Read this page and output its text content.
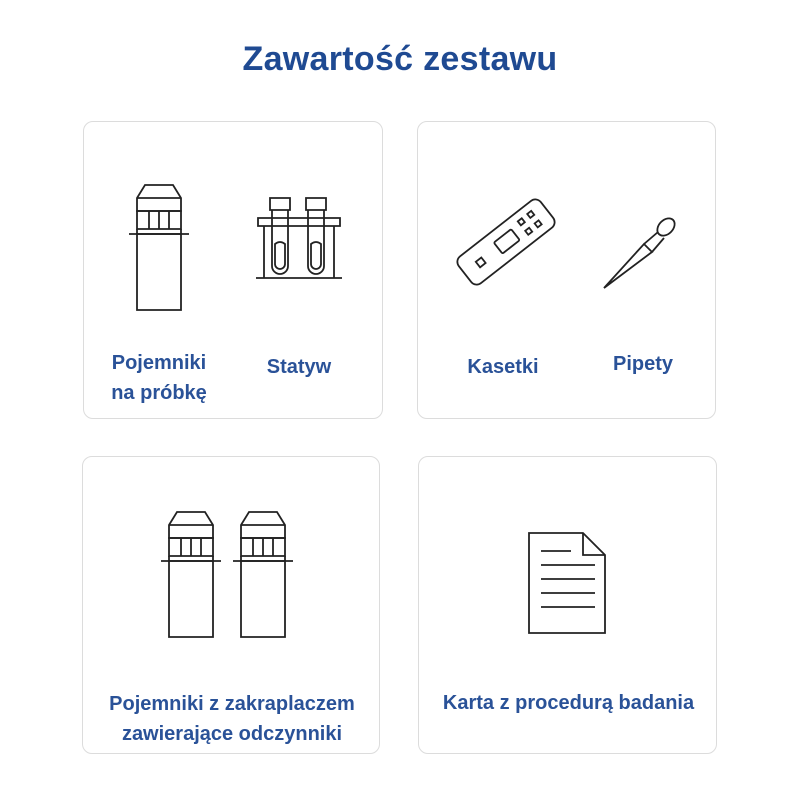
Zawartość zestawu
Pojemniki
na próbkę
Statyw	Kasetki	Pipety
Pojemniki z zakraplaczem
zawierające odczynniki
Karta z procedurą badania
